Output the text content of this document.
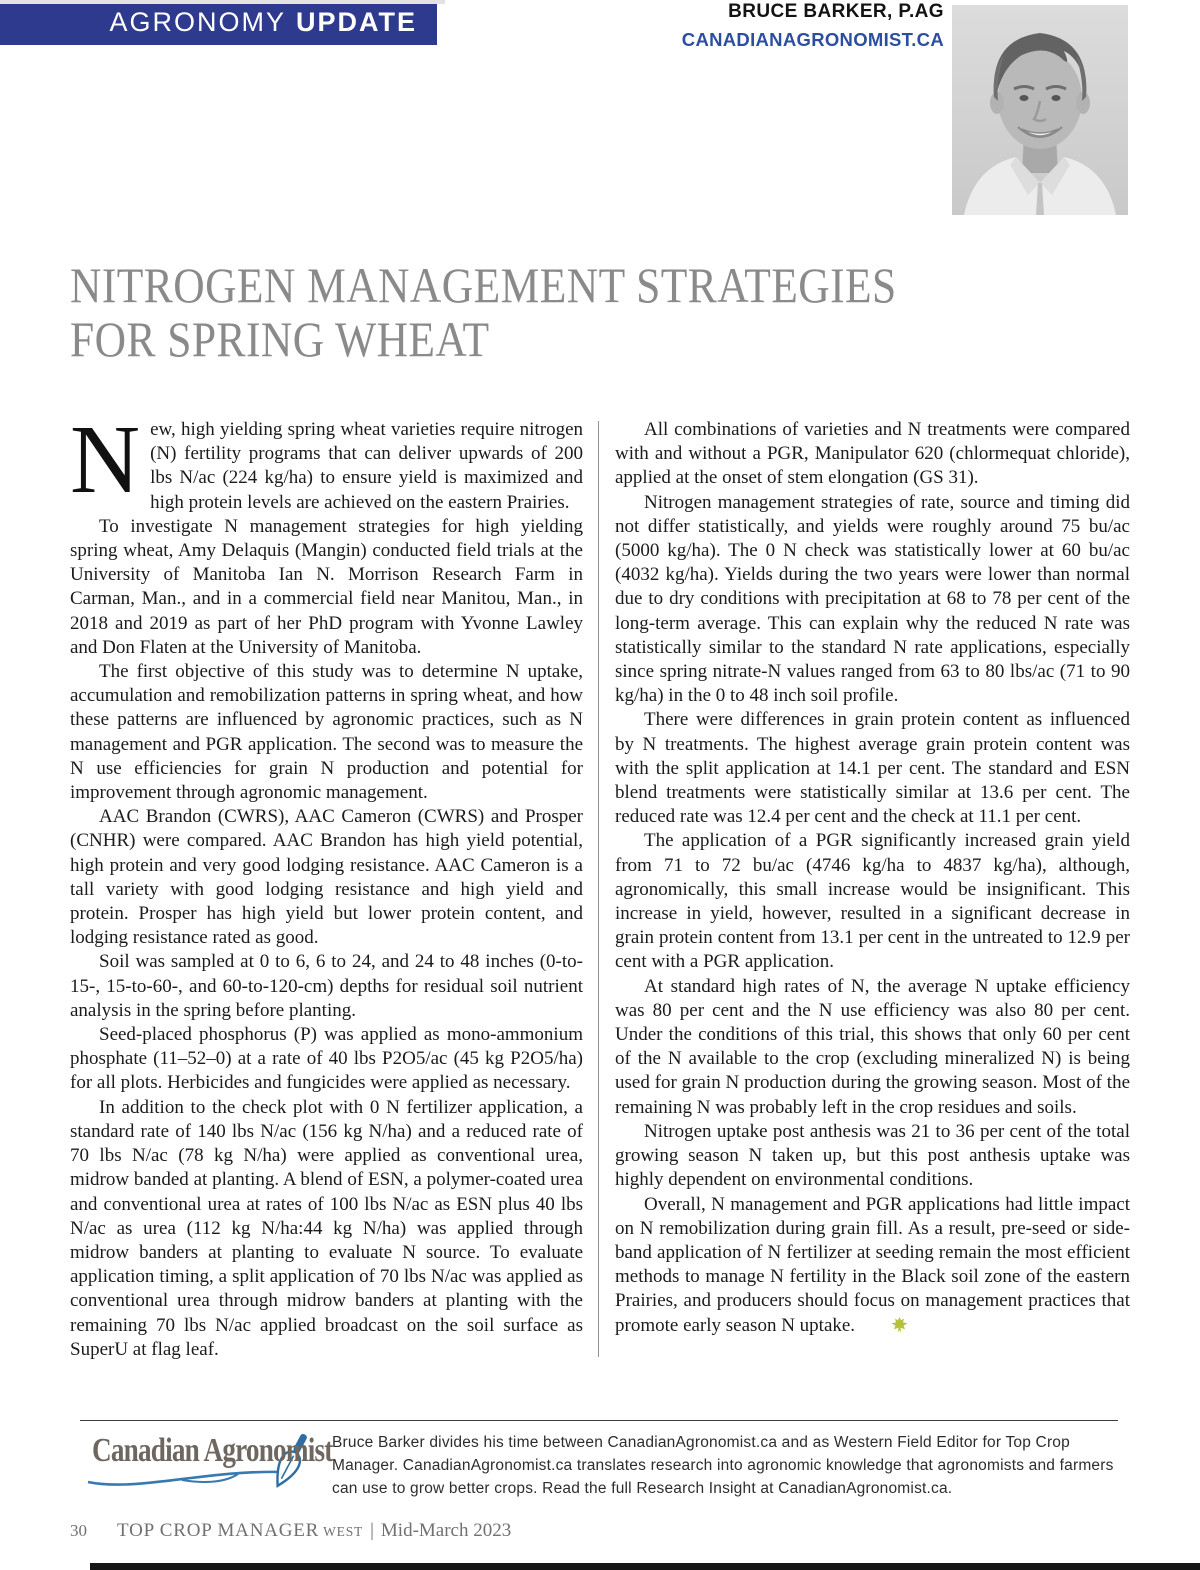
AGRONOMY UPDATE	BRUCE BARKER, P.AG
CANADIANAGRONOMIST.CA
NITROGEN MANAGEMENT STRATEGIES
FOR SPRING WHEAT

New, high yielding spring wheat varieties require nitrogen (N) fertility programs that can deliver upwards of 200 lbs N/ac (224 kg/ha) to ensure yield is maximized and high protein levels are achieved on the eastern Prairies.

To investigate N management strategies for high yielding spring wheat, Amy Delaquis (Mangin) conducted field trials at the University of Manitoba Ian N. Morrison Research Farm in Carman, Man., and in a commercial field near Manitou, Man., in 2018 and 2019 as part of her PhD program with Yvonne Lawley and Don Flaten at the University of Manitoba.

The first objective of this study was to determine N uptake, accumulation and remobilization patterns in spring wheat, and how these patterns are influenced by agronomic practices, such as N management and PGR application. The second was to measure the N use efficiencies for grain N production and potential for improvement through agronomic management.

AAC Brandon (CWRS), AAC Cameron (CWRS) and Prosper (CNHR) were compared. AAC Brandon has high yield potential, high protein and very good lodging resistance. AAC Cameron is a tall variety with good lodging resistance and high yield and protein. Prosper has high yield but lower protein content, and lodging resistance rated as good.

Soil was sampled at 0 to 6, 6 to 24, and 24 to 48 inches (0-to-15-, 15-to-60-, and 60-to-120-cm) depths for residual soil nutrient analysis in the spring before planting.

Seed-placed phosphorus (P) was applied as mono-ammonium phosphate (11–52–0) at a rate of 40 lbs P2O5/ac (45 kg P2O5/ha) for all plots. Herbicides and fungicides were applied as necessary.

In addition to the check plot with 0 N fertilizer application, a standard rate of 140 lbs N/ac (156 kg N/ha) and a reduced rate of 70 lbs N/ac (78 kg N/ha) were applied as conventional urea, midrow banded at planting. A blend of ESN, a polymer-coated urea and conventional urea at rates of 100 lbs N/ac as ESN plus 40 lbs N/ac as urea (112 kg N/ha:44 kg N/ha) was applied through midrow banders at planting to evaluate N source. To evaluate application timing, a split application of 70 lbs N/ac was applied as conventional urea through midrow banders at planting with the remaining 70 lbs N/ac applied broadcast on the soil surface as SuperU at flag leaf.

All combinations of varieties and N treatments were compared with and without a PGR, Manipulator 620 (chlormequat chloride), applied at the onset of stem elongation (GS 31).

Nitrogen management strategies of rate, source and timing did not differ statistically, and yields were roughly around 75 bu/ac (5000 kg/ha). The 0 N check was statistically lower at 60 bu/ac (4032 kg/ha). Yields during the two years were lower than normal due to dry conditions with precipitation at 68 to 78 per cent of the long-term average. This can explain why the reduced N rate was statistically similar to the standard N rate applications, especially since spring nitrate-N values ranged from 63 to 80 lbs/ac (71 to 90 kg/ha) in the 0 to 48 inch soil profile.

There were differences in grain protein content as influenced by N treatments. The highest average grain protein content was with the split application at 14.1 per cent. The standard and ESN blend treatments were statistically similar at 13.6 per cent. The reduced rate was 12.4 per cent and the check at 11.1 per cent.

The application of a PGR significantly increased grain yield from 71 to 72 bu/ac (4746 kg/ha to 4837 kg/ha), although, agronomically, this small increase would be insignificant. This increase in yield, however, resulted in a significant decrease in grain protein content from 13.1 per cent in the untreated to 12.9 per cent with a PGR application.

At standard high rates of N, the average N uptake efficiency was 80 per cent and the N use efficiency was also 80 per cent. Under the conditions of this trial, this shows that only 60 per cent of the N available to the crop (excluding mineralized N) is being used for grain N production during the growing season. Most of the remaining N was probably left in the crop residues and soils.

Nitrogen uptake post anthesis was 21 to 36 per cent of the total growing season N taken up, but this post anthesis uptake was highly dependent on environmental conditions.

Overall, N management and PGR applications had little impact on N remobilization during grain fill. As a result, pre-seed or side-band application of N fertilizer at seeding remain the most efficient methods to manage N fertility in the Black soil zone of the eastern Prairies, and producers should focus on management practices that promote early season N uptake.

Canadian Agronomist Bruce Barker divides his time between CanadianAgronomist.ca and as Western Field Editor for Top Crop Manager. CanadianAgronomist.ca translates research into agronomic knowledge that agronomists and farmers can use to grow better crops. Read the full Research Insight at CanadianAgronomist.ca.
30 TOP CROP MANAGER WEST | Mid-March 2023
